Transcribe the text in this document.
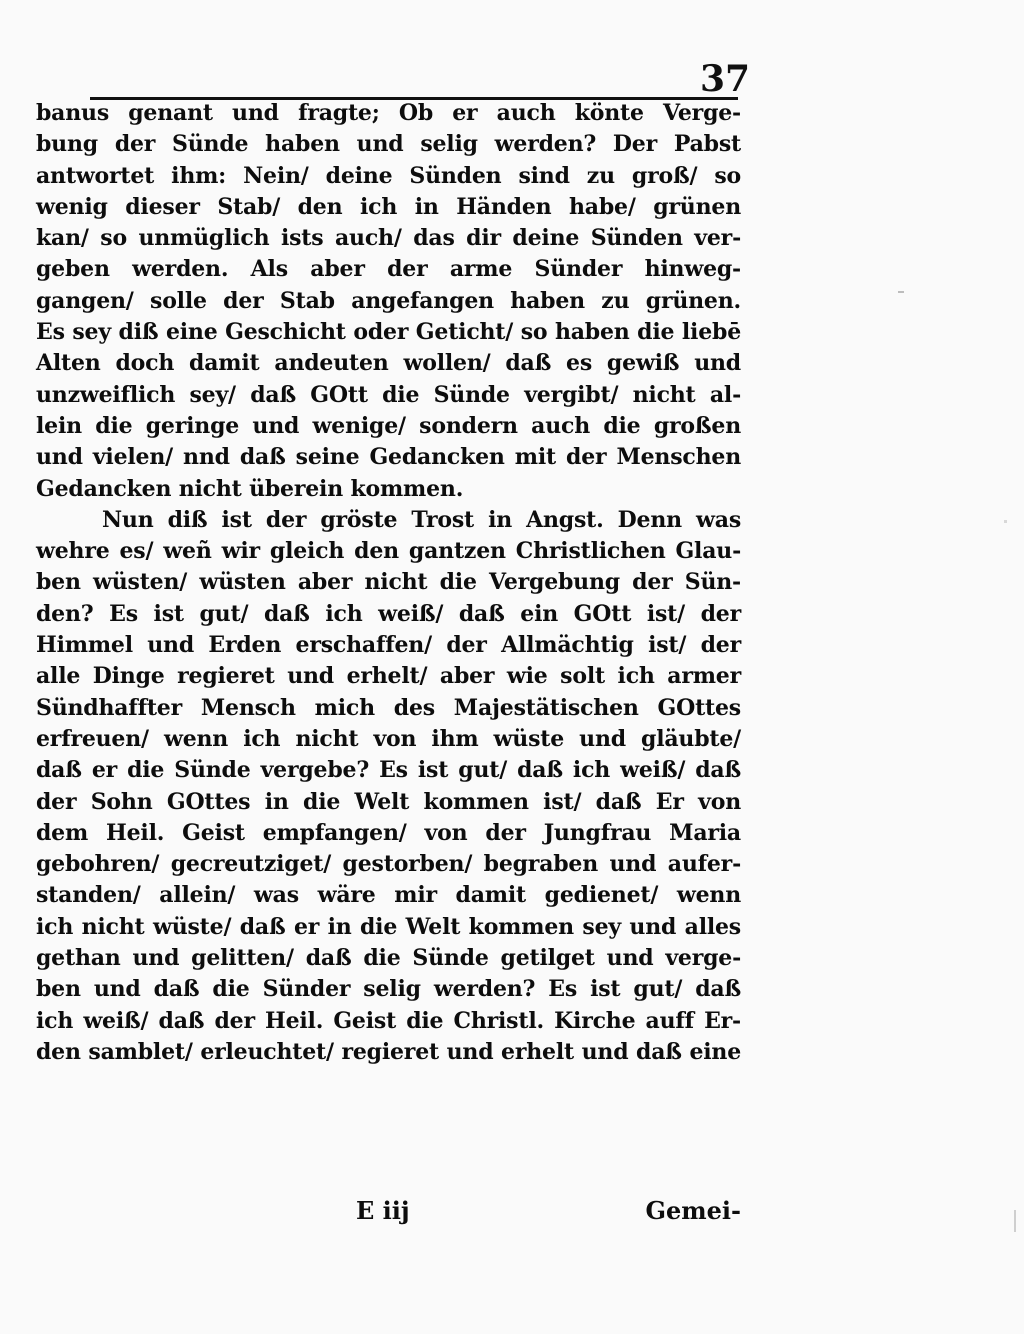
37
banus genant und fragte; Ob er auch könte Verge-
bung der Sünde haben und selig werden? Der Pabst
antwortet ihm: Nein/ deine Sünden sind zu groß/ so
wenig dieser Stab/ den ich in Händen habe/ grünen
kan/ so unmüglich ists auch/ das dir deine Sünden ver-
geben werden. Als aber der arme Sünder hinweg-
gangen/ solle der Stab angefangen haben zu grünen.
Es sey diß eine Geschicht oder Geticht/ so haben die liebē
Alten doch damit andeuten wollen/ daß es gewiß und
unzweiflich sey/ daß GOtt die Sünde vergibt/ nicht al-
lein die geringe und wenige/ sondern auch die großen
und vielen/ nnd daß seine Gedancken mit der Menschen
Gedancken nicht überein kommen.
Nun diß ist der gröste Trost in Angst. Denn was
wehre es/ weñ wir gleich den gantzen Christlichen Glau-
ben wüsten/ wüsten aber nicht die Vergebung der Sün-
den? Es ist gut/ daß ich weiß/ daß ein GOtt ist/ der
Himmel und Erden erschaffen/ der Allmächtig ist/ der
alle Dinge regieret und erhelt/ aber wie solt ich armer
Sündhaffter Mensch mich des Majestätischen GOttes
erfreuen/ wenn ich nicht von ihm wüste und gläubte/
daß er die Sünde vergebe? Es ist gut/ daß ich weiß/ daß
der Sohn GOttes in die Welt kommen ist/ daß Er von
dem Heil. Geist empfangen/ von der Jungfrau Maria
gebohren/ gecreutziget/ gestorben/ begraben und aufer-
standen/ allein/ was wäre mir damit gedienet/ wenn
ich nicht wüste/ daß er in die Welt kommen sey und alles
gethan und gelitten/ daß die Sünde getilget und verge-
ben und daß die Sünder selig werden? Es ist gut/ daß
ich weiß/ daß der Heil. Geist die Christl. Kirche auff Er-
den samblet/ erleuchtet/ regieret und erhelt und daß eine
E iij	Gemei-
